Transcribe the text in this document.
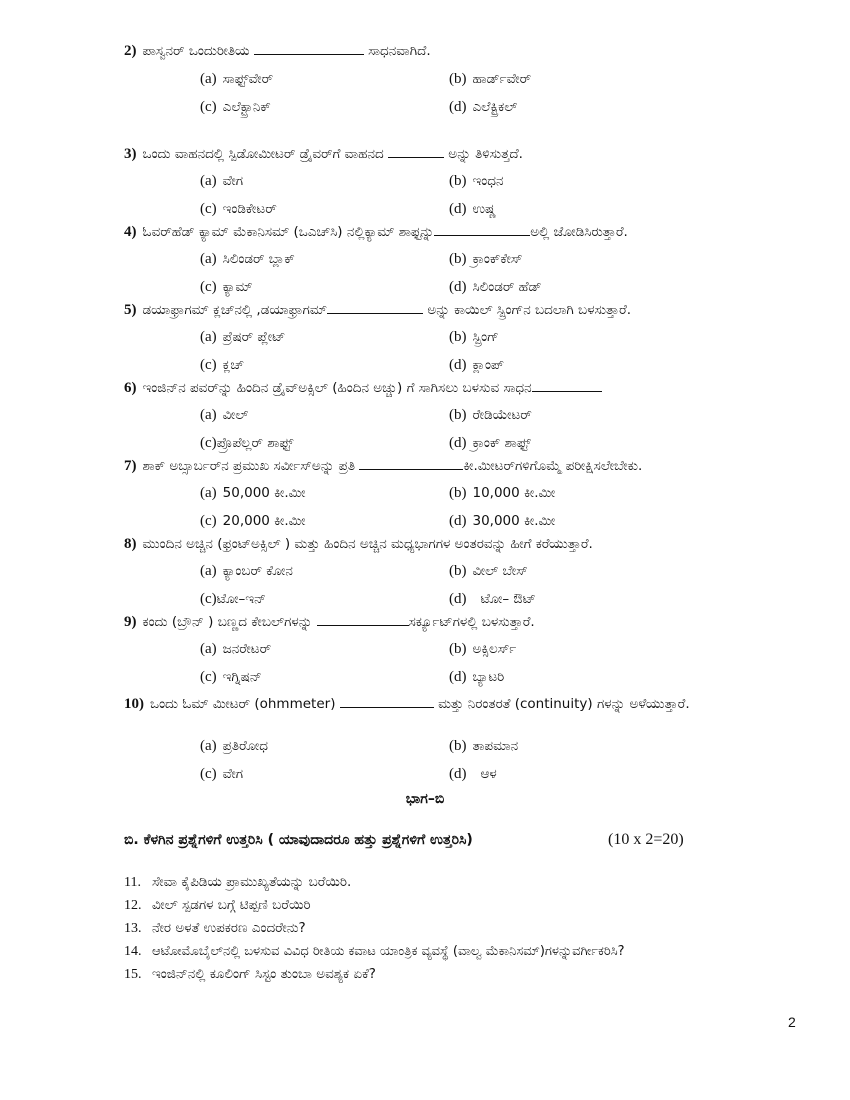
2) ಪಾಸ್ವನರ್ ಒಂದುರೀತಿಯ	ಸಾಧನವಾಗಿದೆ.
(a) ಸಾಫ್ಟ್‌ವೇರ್	(b) ಹಾರ್ಡ್‌ವೇರ್
(c) ಎಲೆಕ್ಟ್ರಾನಿಕ್	(d) ಎಲೆಕ್ಟ್ರಿಕಲ್
3) ಒಂದು ವಾಹನದಲ್ಲಿ ಸ್ಪಿಡೋಮೀಟರ್ ಡ್ರೈವರ್‌ಗೆ ವಾಹನದ	ಅನ್ನು ತಿಳಿಸುತ್ತದೆ.
(a) ವೇಗ	(b) ಇಂಧನ
(c) ಇಂಡಿಕೇಟರ್	(d) ಉಷ್ಣ
4) ಓವರ್‌ಹೆಡ್ ಕ್ಯಾಮ್ ಮೆಕಾನಿಸಮ್ (ಒಎಚ್‌ಸಿ) ನಲ್ಲಿಕ್ಯಾಮ್ ಶಾಫ್ಟನ್ನು	ಅಲ್ಲಿ ಜೋಡಿಸಿರುತ್ತಾರೆ.
(a) ಸಿಲಿಂಡರ್ ಬ್ಲಾಕ್	(b) ಕ್ರಾಂಕ್‌ಕೇಸ್
(c) ಕ್ಯಾಮ್	(d) ಸಿಲಿಂಡರ್ ಹೆಡ್
5) ಡಯಾಫ್ರಾಗಮ್ ಕ್ಲಚ್‌ನಲ್ಲಿ ,ಡಯಾಫ್ರಾಗಮ್	ಅನ್ನು ಕಾಯಿಲ್ ಸ್ಪ್ರಿಂಗ್‌ನ ಬದಲಾಗಿ ಬಳಸುತ್ತಾರೆ.
(a) ಪ್ರೆಷರ್ ಪ್ಲೇಟ್	(b) ಸ್ಪ್ರಿಂಗ್
(c) ಕ್ಲಚ್	(d) ಕ್ಲಾಂಪ್
6) ಇಂಜಿನ್‌ನ ಪವರ್‌ನ್ನು ಹಿಂದಿನ ಡ್ರೈವ್‌ಅಕ್ಸಿಲ್ (ಹಿಂದಿನ ಅಚ್ಚು) ಗೆ ಸಾಗಿಸಲು ಬಳಸುವ ಸಾಧನ
(a) ವೀಲ್	(b) ರೇಡಿಯೇಟರ್
(c)ಪ್ರೊಪೆಲ್ಲರ್ ಶಾಫ್ಟ್	(d) ಕ್ರಾಂಕ್ ಶಾಫ್ಟ್
7) ಶಾಕ್ ಅಬ್ಸಾರ್ಬರ್‌ನ ಪ್ರಮುಖ ಸರ್ವೀಸ್‌ಅನ್ನು ಪ್ರತಿ	ಕೀ.ಮೀಟರ್‌ಗಳಿಗೊಮ್ಮೆ ಪರೀಕ್ಷಿಸಲೇಬೇಕು.
(a) 50,000 ಕೀ.ಮೀ	(b) 10,000 ಕೀ.ಮೀ
(c) 20,000 ಕೀ.ಮೀ	(d) 30,000 ಕೀ.ಮೀ
8) ಮುಂದಿನ ಅಚ್ಚಿನ (ಫ್ರಂಟ್‌ಅಕ್ಸಿಲ್ ) ಮತ್ತು ಹಿಂದಿನ ಅಚ್ಚಿನ ಮಧ್ಯಭಾಗಗಳ ಅಂತರವನ್ನು ಹೀಗೆ ಕರೆಯುತ್ತಾರೆ.
(a) ಕ್ಯಾಂಬರ್ ಕೋನ	(b) ವೀಲ್ ಬೇಸ್
(c)ಟೋ–ಇನ್	(d) ಟೋ– ಔಟ್
9) ಕಂದು (ಬ್ರೌನ್ ) ಬಣ್ಣದ ಕೇಬಲ್‌ಗಳನ್ನು	ಸರ್ಕ್ಯೂಟ್‌ಗಳಲ್ಲಿ ಬಳಸುತ್ತಾರೆ.
(a) ಜನರೇಟರ್	(b) ಅಕ್ಸಿಲರ್ಸ್
(c) ಇಗ್ನಿಷನ್	(d) ಬ್ಯಾಟರಿ
10) ಒಂದು ಓಮ್ ಮೀಟರ್ (ohmmeter)	ಮತ್ತು ನಿರಂತರತೆ (continuity) ಗಳನ್ನು ಅಳೆಯುತ್ತಾರೆ.
(a) ಪ್ರತಿರೋಧ	(b) ತಾಪಮಾನ
(c) ವೇಗ	(d) ಆಳ
ಭಾಗ–ಬಿ
ಬಿ. ಕೆಳಗಿನ ಪ್ರಶ್ನೆಗಳಿಗೆ ಉತ್ತರಿಸಿ ( ಯಾವುದಾದರೂ ಹತ್ತು ಪ್ರಶ್ನೆಗಳಿಗೆ ಉತ್ತರಿಸಿ)	(10 x 2=20)
11. ಸೇವಾ ಕೈಪಿಡಿಯ ಪ್ರಾಮುಖ್ಯತೆಯನ್ನು ಬರೆಯಿರಿ.
12. ವೀಲ್ ಸ್ಪಡಗಳ ಬಗ್ಗೆ ಟಿಪ್ಪಣಿ ಬರೆಯಿರಿ
13. ನೇರ ಅಳತೆ ಉಪಕರಣ ಎಂದರೇನು?
14. ಆಟೋಮೊಬೈಲ್‌ನಲ್ಲಿ ಬಳಸುವ ವಿವಿಧ ರೀತಿಯ ಕವಾಟ ಯಾಂತ್ರಿಕ ವ್ಯವಸ್ಥೆ (ವಾಲ್ವ ಮೆಕಾನಿಸಮ್)ಗಳನ್ನುವರ್ಗೀಕರಿಸಿ?
15. ಇಂಜಿನ್‌ನಲ್ಲಿ ಕೂಲಿಂಗ್ ಸಿಸ್ಟಂ ತುಂಬಾ ಅವಶ್ಯಕ ಏಕೆ?
2
